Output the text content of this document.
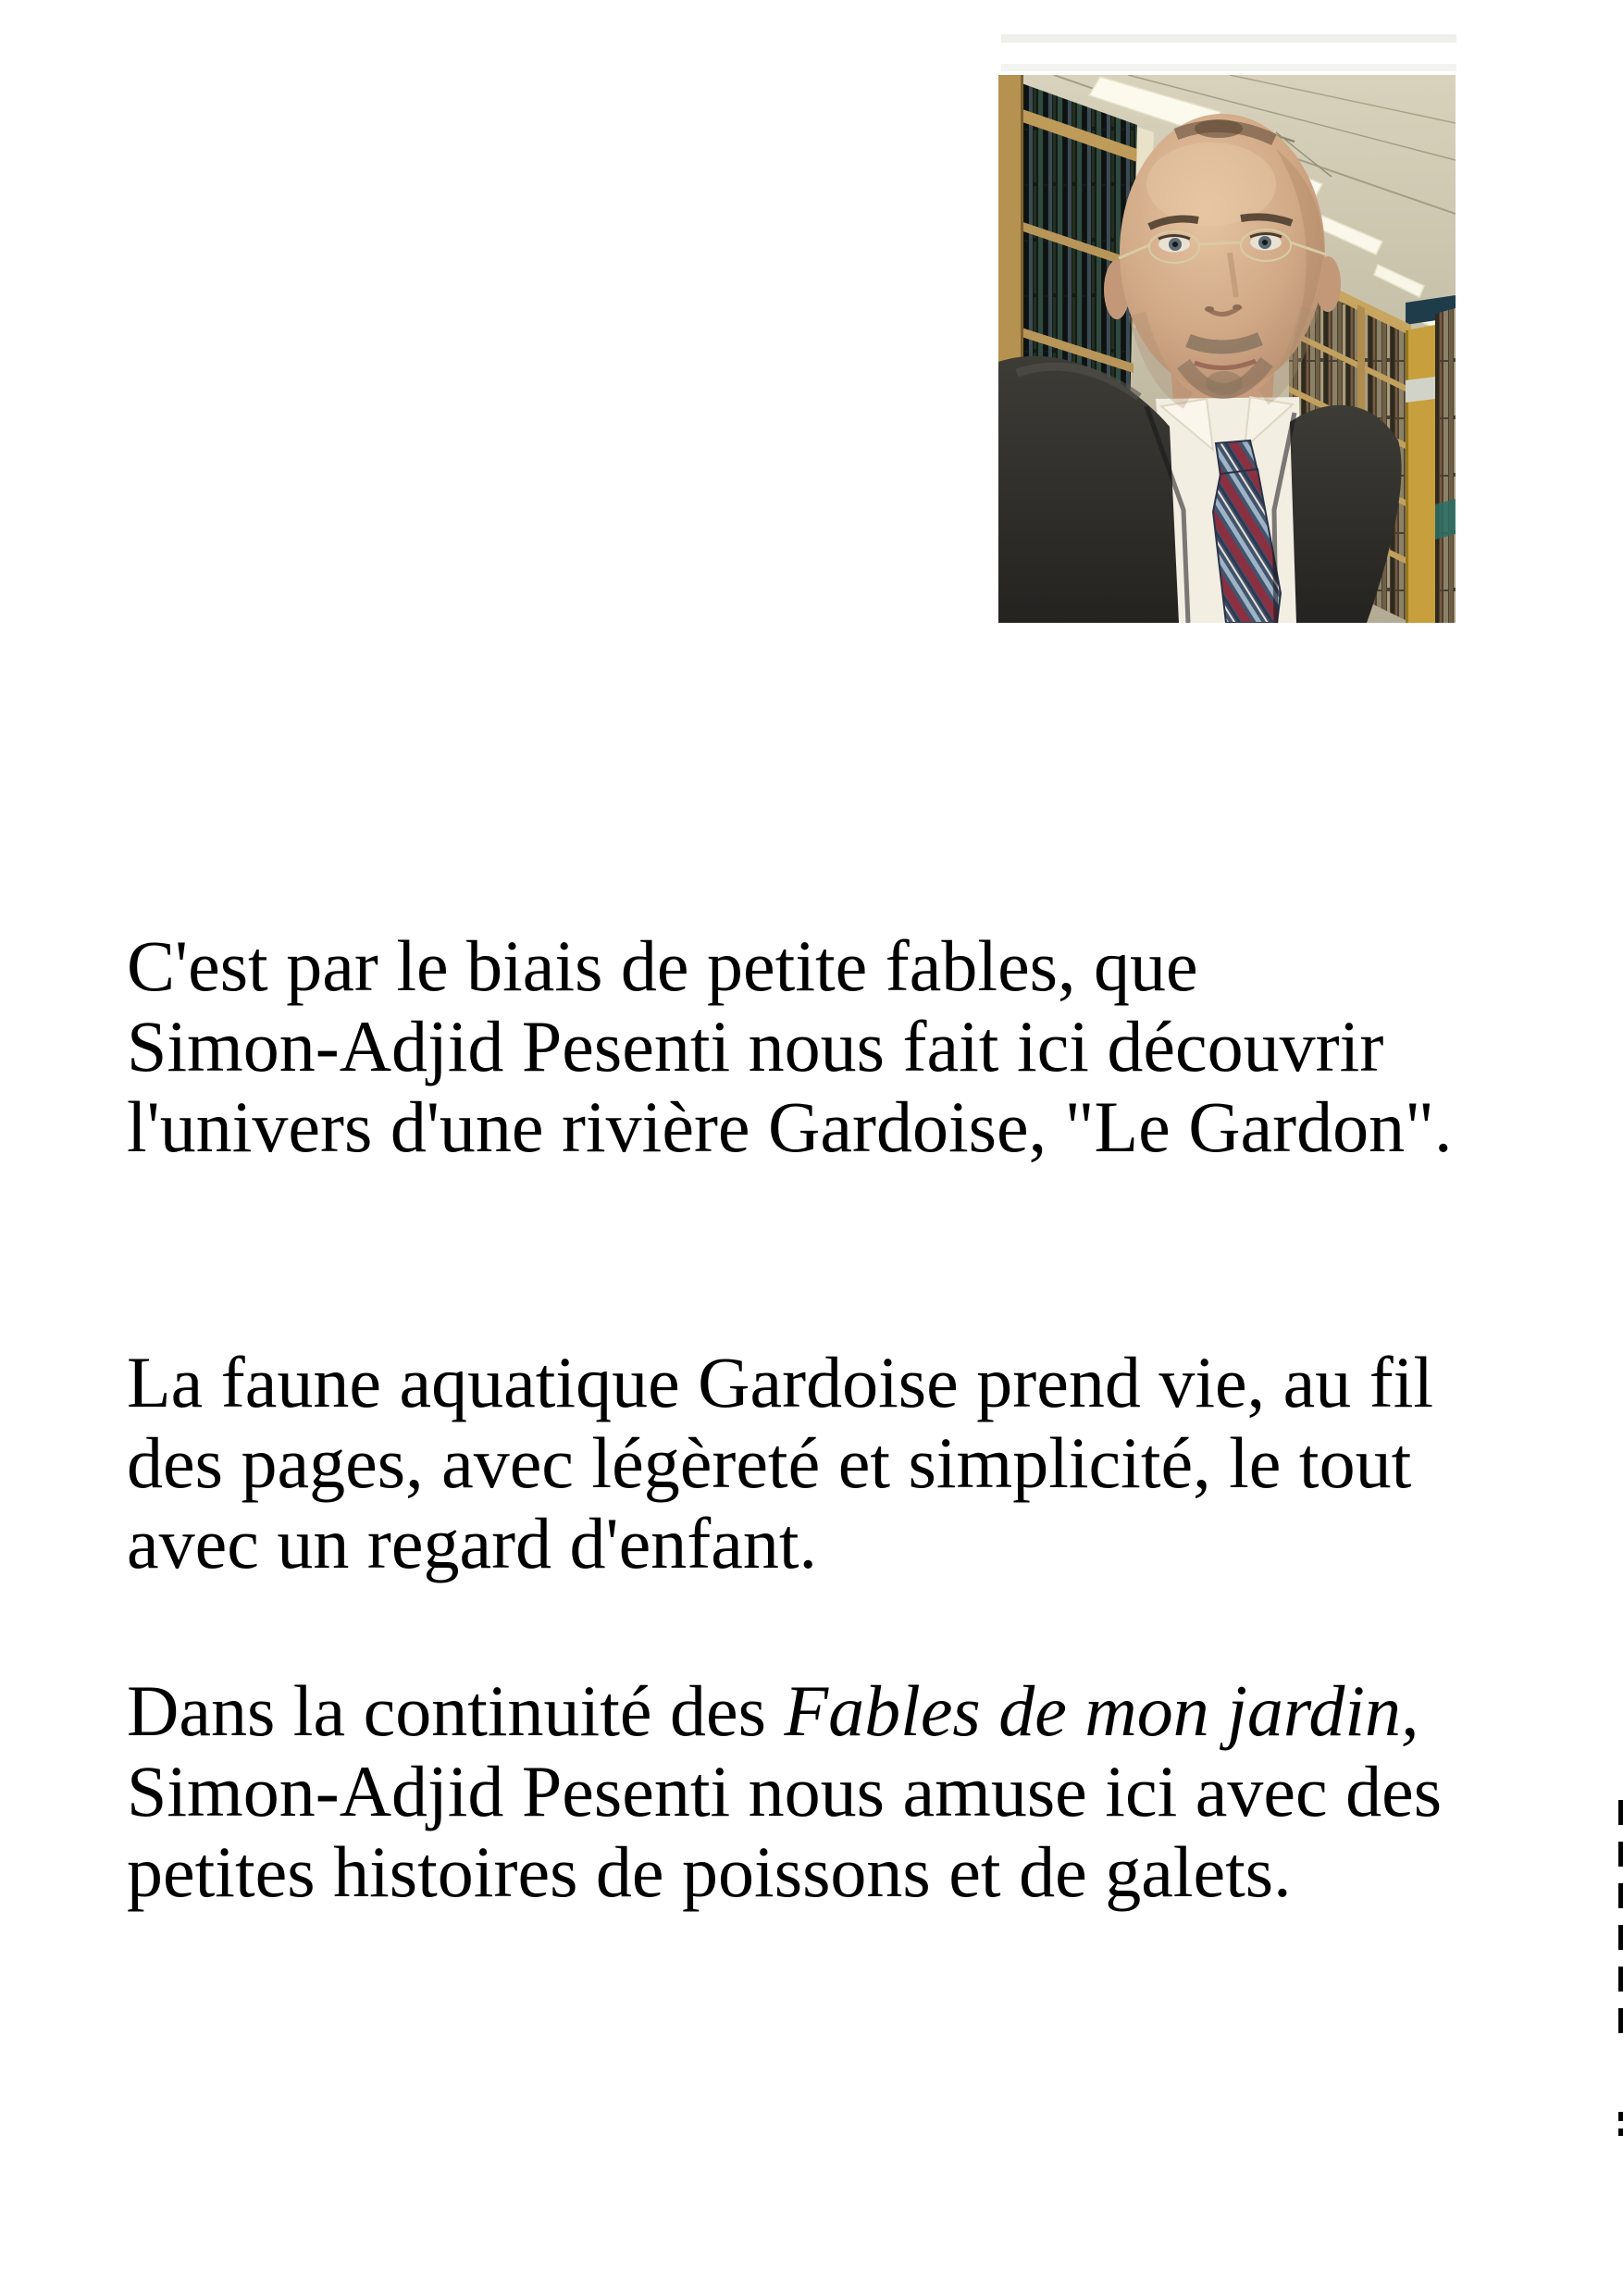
C'est par le biais de petite fables, que
Simon-Adjid Pesenti nous fait ici découvrir
l'univers d'une rivière Gardoise, "Le Gardon".
La faune aquatique Gardoise prend vie, au fil
des pages, avec légèreté et simplicité, le tout
avec un regard d'enfant.
Dans la continuité des Fables de mon jardin,
Simon-Adjid Pesenti nous amuse ici avec des
petites histoires de poissons et de galets.
